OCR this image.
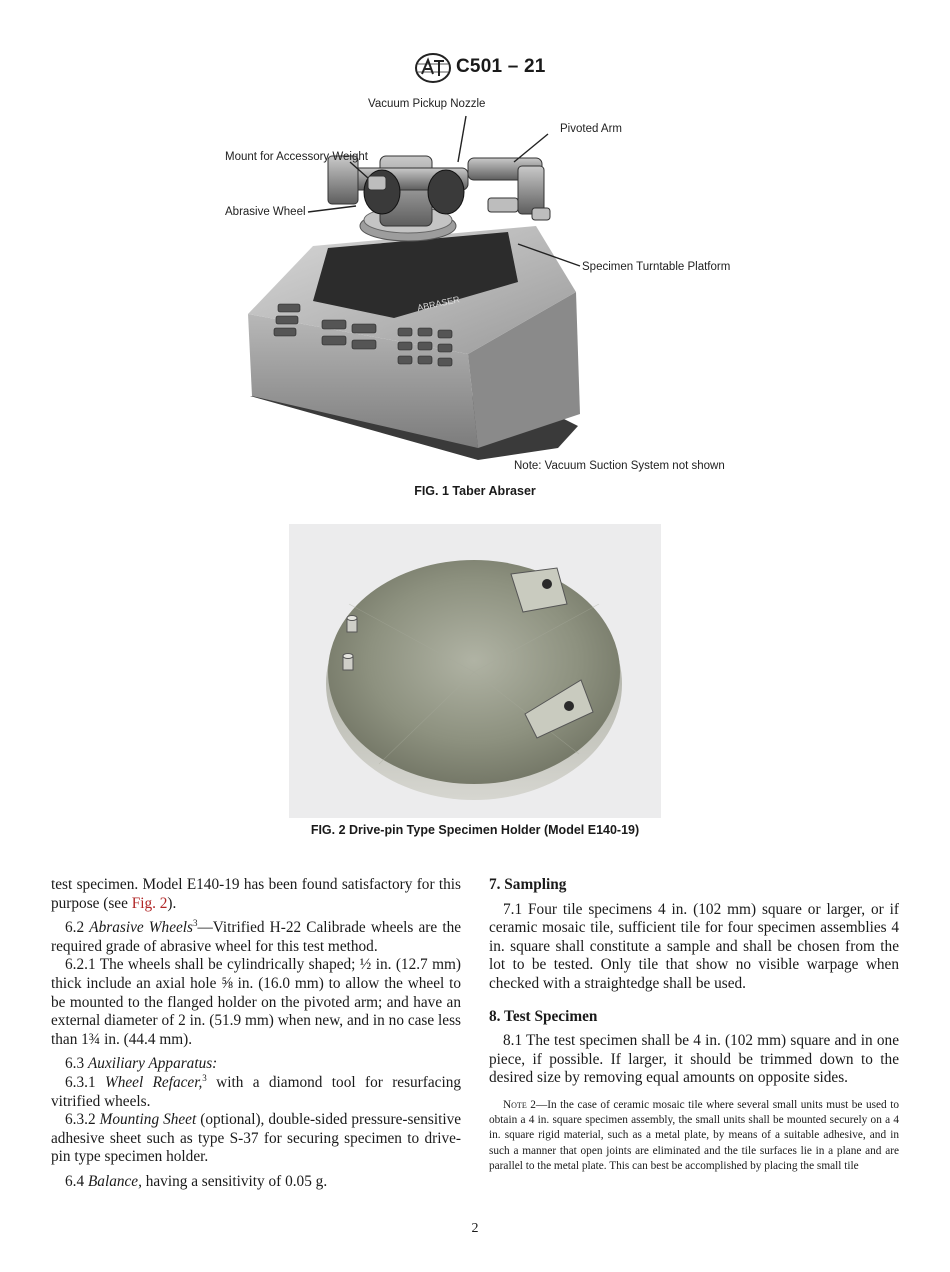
C501 – 21
ABRASER
Vacuum Pickup Nozzle
Pivoted Arm
Mount for Accessory Weight
Abrasive Wheel
Specimen Turntable Platform
Note: Vacuum Suction System not shown
FIG. 1 Taber Abraser
FIG. 2 Drive-pin Type Specimen Holder (Model E140-19)

test specimen. Model E140-19 has been found satisfactory for this purpose (see Fig. 2).

6.2 Abrasive Wheels$^3$—Vitrified H-22 Calibrade wheels are the required grade of abrasive wheel for this test method.

6.2.1 The wheels shall be cylindrically shaped; ½ in. (12.7 mm) thick include an axial hole ⅝ in. (16.0 mm) to allow the wheel to be mounted to the flanged holder on the pivoted arm; and have an external diameter of 2 in. (51.9 mm) when new, and in no case less than 1¾ in. (44.4 mm).

6.3 Auxiliary Apparatus:

6.3.1 Wheel Refacer,$^3$ with a diamond tool for resurfacing vitrified wheels.

6.3.2 Mounting Sheet (optional), double-sided pressure-sensitive adhesive sheet such as type S-37 for securing specimen to drive-pin type specimen holder.

6.4 Balance, having a sensitivity of 0.05 g.

7. Sampling

7.1 Four tile specimens 4 in. (102 mm) square or larger, or if ceramic mosaic tile, sufficient tile for four specimen assemblies 4 in. square shall constitute a sample and shall be chosen from the lot to be tested. Only tile that show no visible warpage when checked with a straightedge shall be used.

8. Test Specimen

8.1 The test specimen shall be 4 in. (102 mm) square and in one piece, if possible. If larger, it should be trimmed down to the desired size by removing equal amounts on opposite sides.

Note 2—In the case of ceramic mosaic tile where several small units must be used to obtain a 4 in. square specimen assembly, the small units shall be mounted securely on a 4 in. square rigid material, such as a metal plate, by means of a suitable adhesive, and in such a manner that open joints are eliminated and the tile surfaces lie in a plane and are parallel to the metal plate. This can best be accomplished by placing the small tile

2
